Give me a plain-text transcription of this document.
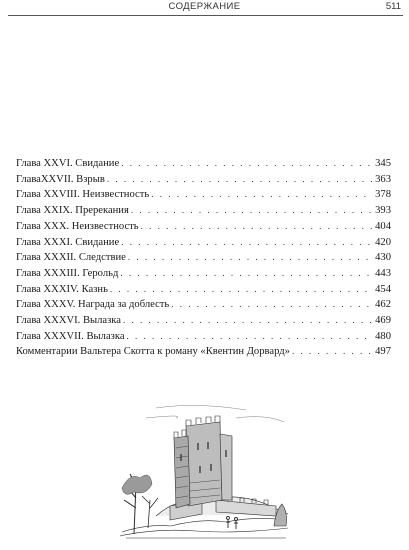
СОДЕРЖАНИЕ	511
Глава XXVI. Свидание . . .	345
ГлаваXXVII. Взрыв . . .	363
Глава XXVIII. Неизвестность . . .	378
Глава XXIX. Пререкания . . .	393
Глава XXX. Неизвестность . . .	404
Глава XXXI. Свидание . . .	420
Глава XXXII. Следствие . . .	430
Глава XXXIII. Герольд . . .	443
Глава XXXIV. Казнь . . .	454
Глава XXXV. Награда за доблесть . . .	462
Глава XXXVI. Вылазка . . .	469
Глава XXXVII. Вылазка . . .	480
Комментарии Вальтера Скотта к роману «Квентин Дорвард» . . .	497
